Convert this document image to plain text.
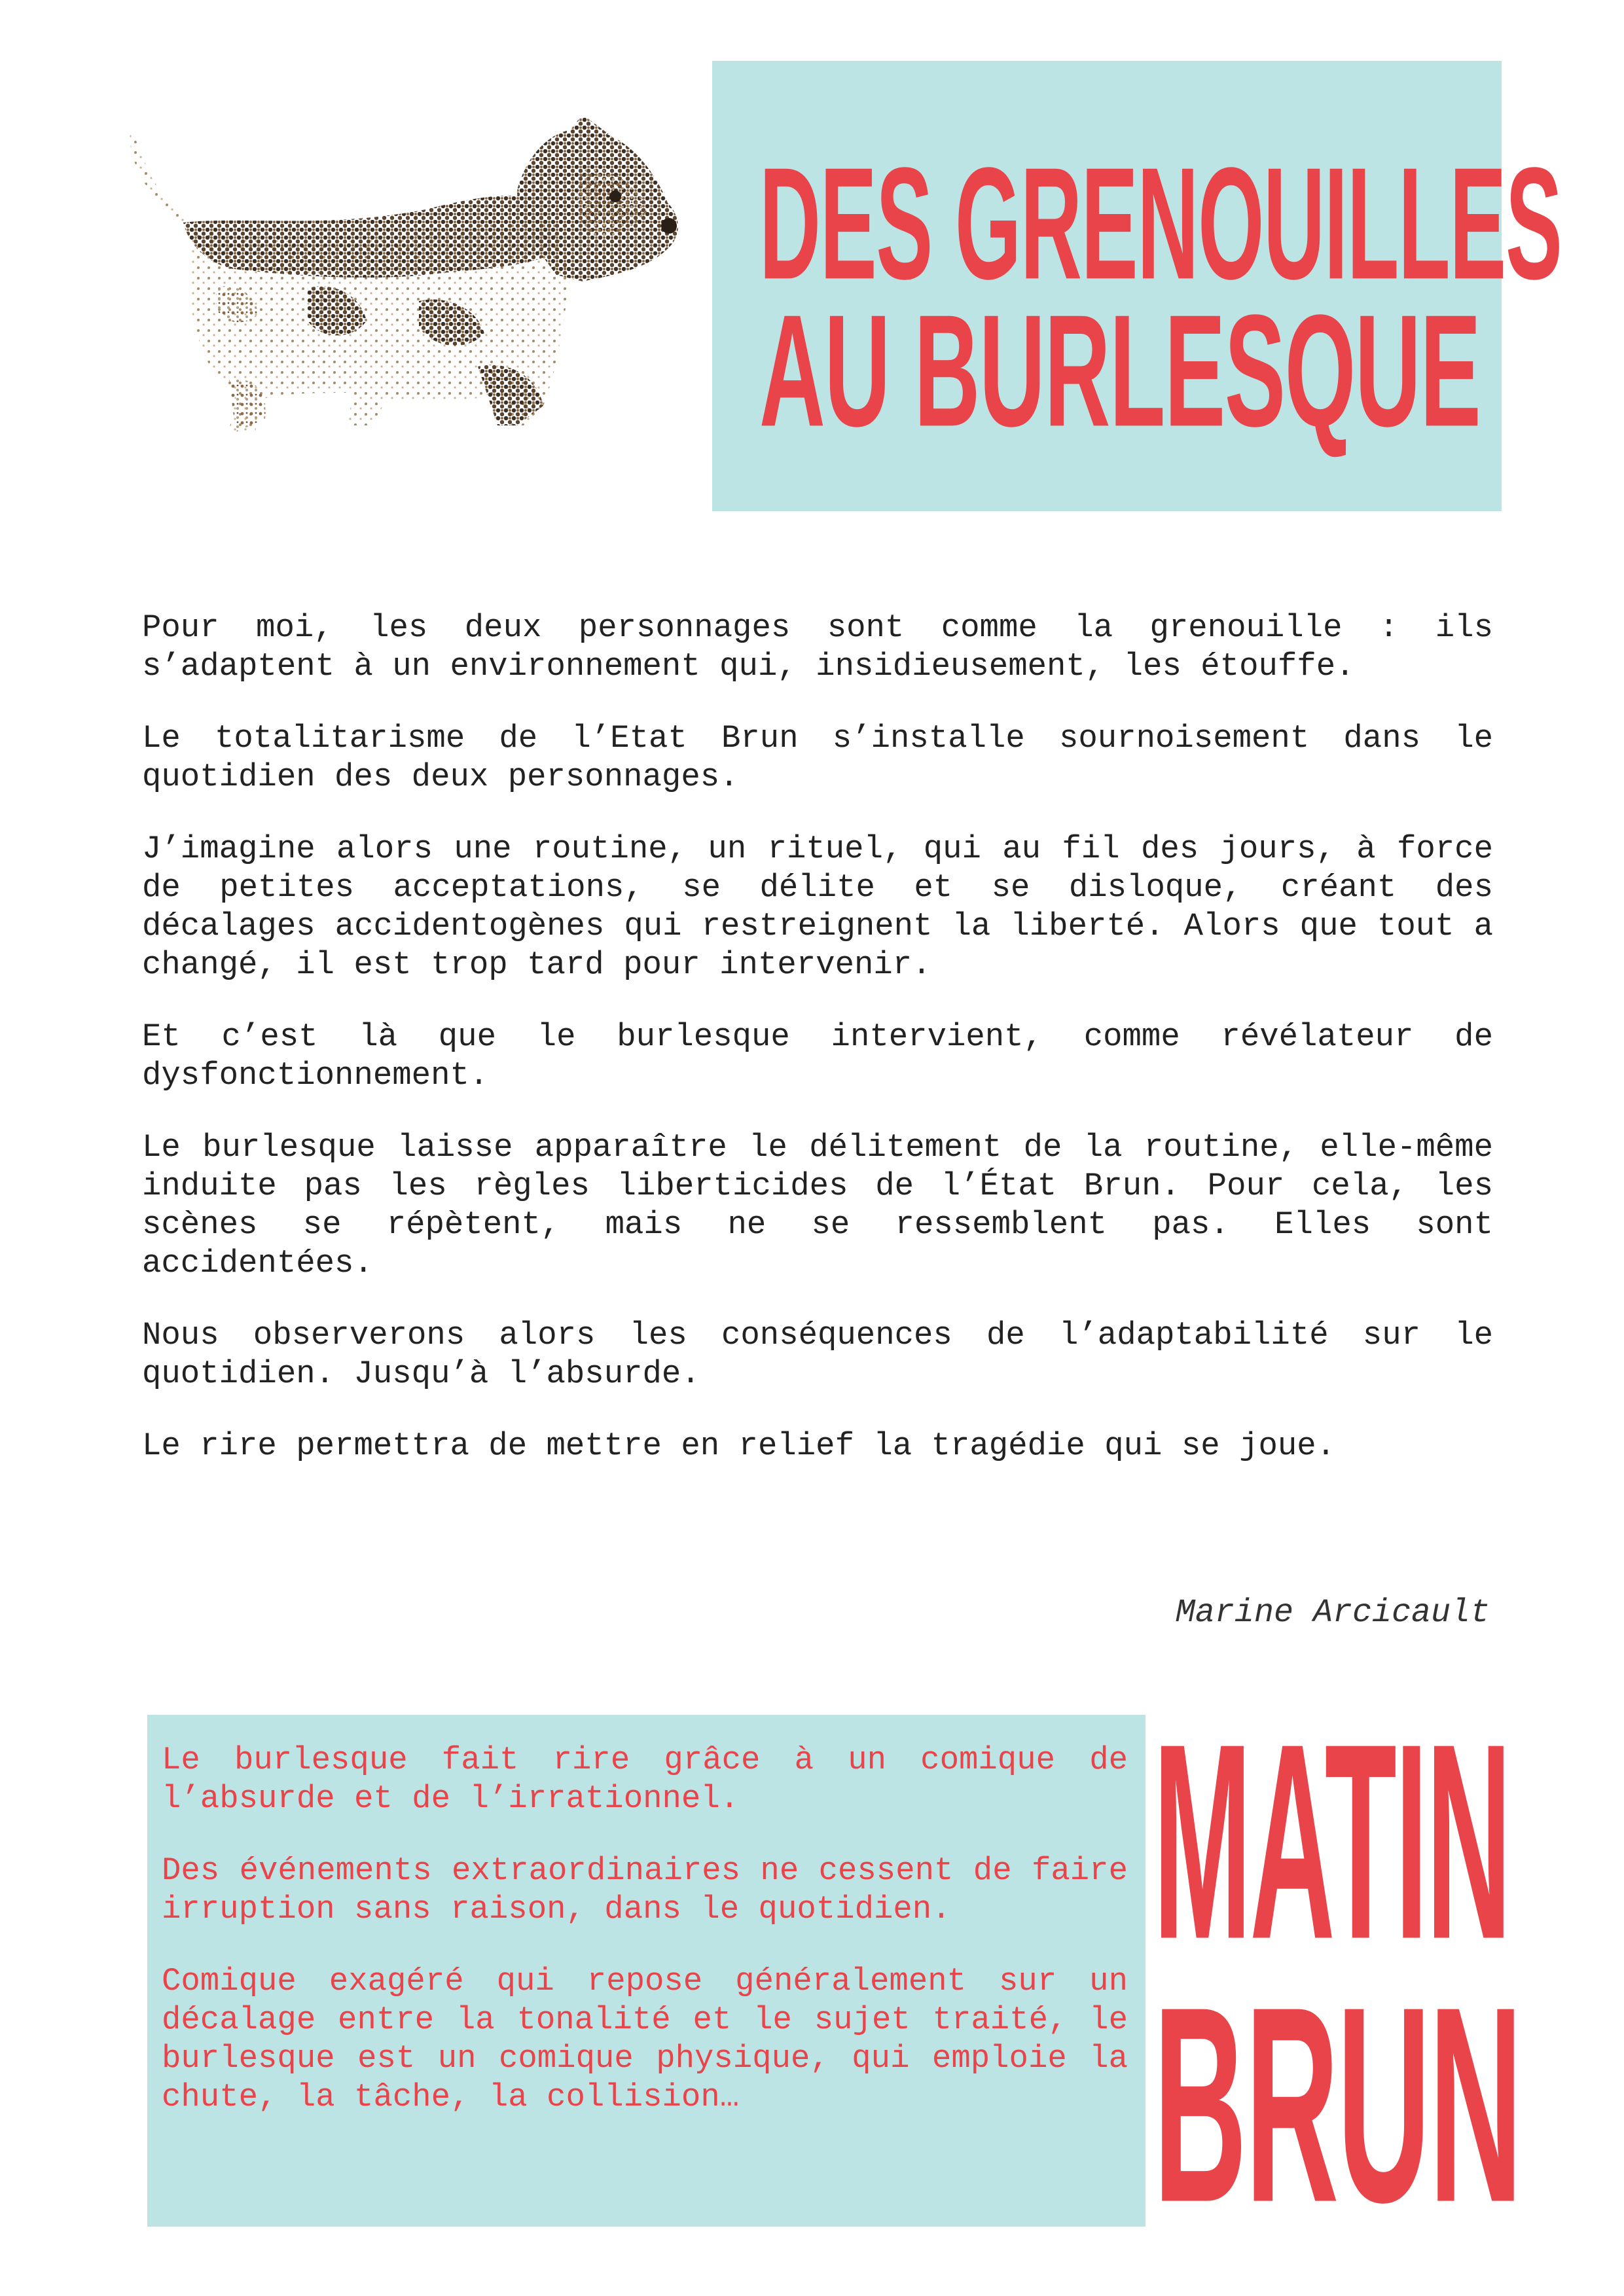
DES GRENOUILLES
AU BURLESQUE

Pour moi, les deux personnages sont comme la grenouille : ils s’adaptent à un environnement qui, insidieusement, les étouffe.

Le totalitarisme de l’Etat Brun s’installe sournoisement dans le quotidien des deux personnages.

J’imagine alors une routine, un rituel, qui au fil des jours, à force de petites acceptations, se délite et se disloque, créant des décalages accidentogènes qui restreignent la liberté. Alors que tout a changé, il est trop tard pour intervenir.

Et c’est là que le burlesque intervient, comme révélateur de dysfonctionnement.

Le burlesque laisse apparaître le délitement de la routine, elle-même induite pas les règles liberticides de l’État Brun. Pour cela, les scènes se répètent, mais ne se ressemblent pas. Elles sont accidentées.

Nous observerons alors les conséquences de l’adaptabilité sur le quotidien. Jusqu’à l’absurde.

Le rire permettra de mettre en relief la tragédie qui se joue.

Marine Arcicault

Le burlesque fait rire grâce à un comique de l’absurde et de l’irrationnel.

Des événements extraordinaires ne cessent de faire irruption sans raison, dans le quotidien.

Comique exagéré qui repose généralement sur un décalage entre la tonalité et le sujet traité, le burlesque est un comique physique, qui emploie la chute, la tâche, la collision…

MATIN
BRUN
